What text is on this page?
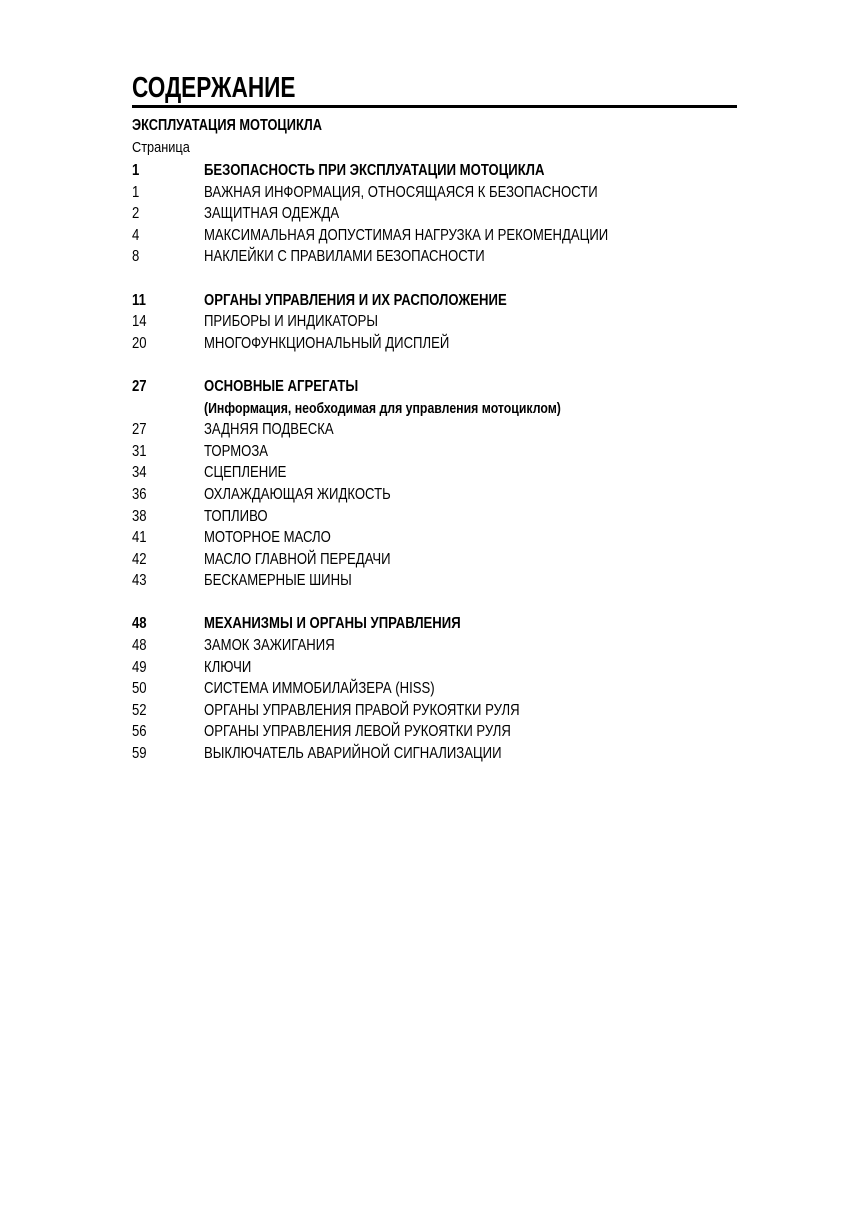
СОДЕРЖАНИЕ
ЭКСПЛУАТАЦИЯ МОТОЦИКЛА
Страница
1	БЕЗОПАСНОСТЬ ПРИ ЭКСПЛУАТАЦИИ МОТОЦИКЛА
1	ВАЖНАЯ ИНФОРМАЦИЯ, ОТНОСЯЩАЯСЯ К БЕЗОПАСНОСТИ
2	ЗАЩИТНАЯ ОДЕЖДА
4	МАКСИМАЛЬНАЯ ДОПУСТИМАЯ НАГРУЗКА И РЕКОМЕНДАЦИИ
8	НАКЛЕЙКИ С ПРАВИЛАМИ БЕЗОПАСНОСТИ
11	ОРГАНЫ УПРАВЛЕНИЯ И ИХ РАСПОЛОЖЕНИЕ
14	ПРИБОРЫ И ИНДИКАТОРЫ
20	МНОГОФУНКЦИОНАЛЬНЫЙ ДИСПЛЕЙ
27	ОСНОВНЫЕ АГРЕГАТЫ
(Информация, необходимая для управления мотоциклом)
27	ЗАДНЯЯ ПОДВЕСКА
31	ТОРМОЗА
34	СЦЕПЛЕНИЕ
36	ОХЛАЖДАЮЩАЯ ЖИДКОСТЬ
38	ТОПЛИВО
41	МОТОРНОЕ МАСЛО
42	МАСЛО ГЛАВНОЙ ПЕРЕДАЧИ
43	БЕСКАМЕРНЫЕ ШИНЫ
48	МЕХАНИЗМЫ И ОРГАНЫ УПРАВЛЕНИЯ
48	ЗАМОК ЗАЖИГАНИЯ
49	КЛЮЧИ
50	СИСТЕМА ИММОБИЛАЙЗЕРА (HISS)
52	ОРГАНЫ УПРАВЛЕНИЯ ПРАВОЙ РУКОЯТКИ РУЛЯ
56	ОРГАНЫ УПРАВЛЕНИЯ ЛЕВОЙ РУКОЯТКИ РУЛЯ
59	ВЫКЛЮЧАТЕЛЬ АВАРИЙНОЙ СИГНАЛИЗАЦИИ
